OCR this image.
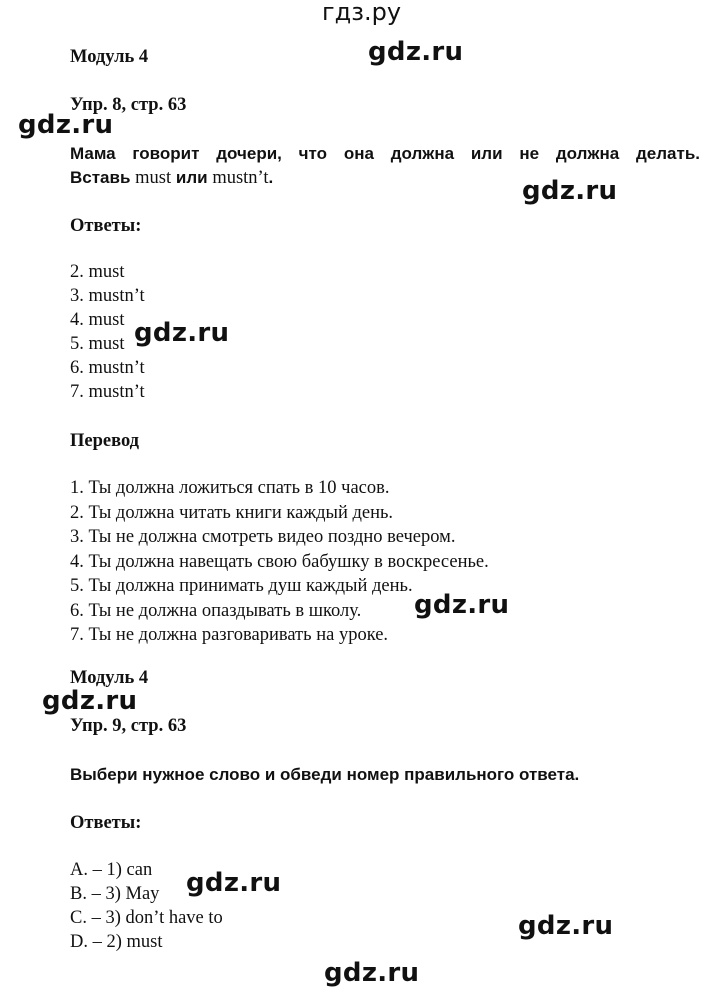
гдз.ру
Модуль 4	gdz.ru
Упр. 8, стр. 63
gdz.ru
Мама говорит дочери, что она должна или не должна делать.
Вставь must или mustn’t.	gdz.ru
Ответы:
2. must
3. mustn’t
4. must
5. must
6. mustn’t
7. mustn’t
gdz.ru
Перевод
1. Ты должна ложиться спать в 10 часов.
2. Ты должна читать книги каждый день.
3. Ты не должна смотреть видео поздно вечером.
4. Ты должна навещать свою бабушку в воскресенье.
5. Ты должна принимать душ каждый день.
6. Ты не должна опаздывать в школу.
7. Ты не должна разговаривать на уроке.
gdz.ru
Модуль 4
gdz.ru
Упр. 9, стр. 63
Выбери нужное слово и обведи номер правильного ответа.
Ответы:
A. – 1) can
B. – 3) May
C. – 3) don’t have to
D. – 2) must
gdz.ru
gdz.ru
gdz.ru
